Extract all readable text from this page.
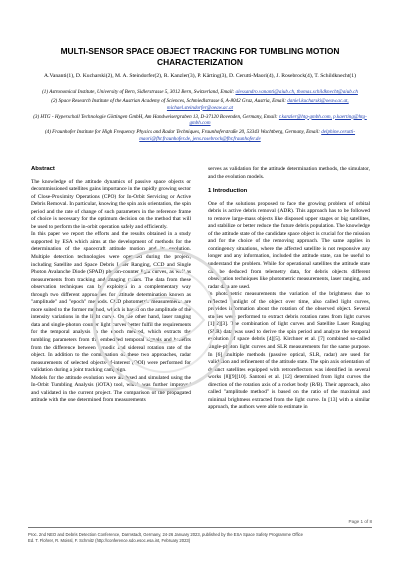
MULTI-SENSOR SPACE OBJECT TRACKING FOR TUMBLING MOTION CHARACTERIZATION

A.Vananti(1), D. Kucharski(2), M. A. Steindorfer(2), R. Kanzler(3), P. Kärting(3), D. Cerutti-Maori(4), J. Rosebrock(4), T. Schildknecht(1)

(1) Astronomical Institute, University of Bern, Sidlerstrasse 5, 3012 Bern, Switzerland, Email: alessandro.vananti@aiub.ch, thomas.schildknecht@aiub.ch

(2) Space Research Institute of the Austrian Academy of Sciences, Schmiedlstrasse 6, A-8042 Graz, Austria, Email: daniel.kucharski@oeaw.ac.at, michael.steindorfer@oeaw.ac.at

(3) HTG - Hyperschall Technologie Göttingen GmbH, Am Handweisergraben 13, D-37120 Bovenden, Germany, Email: r.kanzler@htg-gmbh.com, p.kaerting@htg-gmbh.com

(4) Fraunhofer Institute for High Frequency Physics and Radar Techniques, Fraunhoferstraße 20, 53343 Wachtberg, Germany, Email: delphine.cerutti-maori@fhr.fraunhofer.de, jens.rosebrock@fhr.fraunhofer.de

Abstract

The knowledge of the attitude dynamics of passive space objects or decommissioned satellites gains importance in the rapidly growing sector of Close-Proximity Operations (CPO) for In-Orbit Servicing or Active Debris Removal. In particular, knowing the spin axis orientation, the spin period and the rate of change of such parameters in the reference frame of choice is necessary for the optimum decision on the method that will be used to perform the in-orbit operation safely and efficiently.

In this paper we report the efforts and the results obtained in a study supported by ESA which aims at the development of methods for the determination of the spacecraft attitude motion and its evolution. Multiple detection technologies were operated during the project, including Satellite and Space Debris Laser Ranging, CCD and Single Photon Avalanche Diode (SPAD) photon-counter light curves, as well as measurements from tracking and imaging radars. The data from these observation techniques can be exploited in a complementary way through two different approaches for attitude determination known as "amplitude" and "epoch" methods. CCD photometric measurements are more suited to the former method, which is based on the amplitude of the intensity variations in the light curve. On the other hand, laser ranging data and single-photon counter light curves better fulfil the requirements for the temporal analysis in the epoch method, which extracts the tumbling parameters from the embedded temporal signals and benefits from the difference between synodic and sidereal rotation rate of the object. In addition to the combination of these two approaches, radar measurements of selected objects-of-interest (OOI) were performed for validation during a joint tracking campaign.

Models for the attitude evolution were analysed and simulated using the In-Orbit Tumbling Analysis (iOTA) tool, which was further improved and validated in the current project. The comparison of the propagated attitude with the one determined from measurements

serves as validation for the attitude determination methods, the simulator, and the evolution models.

1 Introduction

One of the solutions proposed to face the growing problem of orbital debris is active debris removal (ADR). This approach has to be followed to remove large-mass objects like disposed upper stages or big satellites, and stabilize or better reduce the future debris population. The knowledge of the attitude state of the candidate space object is crucial for the mission and for the choice of the removing approach. The same applies in contingency situations, where the affected satellite is not responsive any longer and any information, included the attitude state, can be useful to understand the problem. While for operational satellites the attitude state can be deduced from telemetry data, for debris objects different observation techniques like photometric measurements, laser ranging, and radar data are used.

In photometric measurements the variation of the brightness due to reflected sunlight of the object over time, also called light curves, provides information about the rotation of the observed object. Several studies were performed to extract debris rotation rates from light curves [1][2][3]. The combination of light curves and Satellite Laser Ranging (SLR) data was used to derive the spin period and analyze the temporal evolution of space debris [4][5]. Kirchner et al. [7] combined so-called single-photon light curves and SLR measurements for the same purpose. In [6] multiple methods (passive optical, SLR, radar) are used for validation and refinement of the attitude state. The spin axis orientation of defunct satellites equipped with retroreflectors was identified in several works [8][9][10]. Santoni et al. [12] determined from light curves the direction of the rotation axis of a rocket body (R/B). Their approach, also called "amplitude method" is based on the ratio of the maximal and minimal brightness extracted from the light curve. In [13] with a similar approach, the authors were able to estimate in

Page 1 of 8
Proc. 2nd NEO and Debris Detection Conference, Darmstadt, Germany, 24-26 January 2023, published by the ESA Space Safety Programme Office
Ed. T. Flohrer, R. Moissl, F. Schmitz (http://conference.sdo.esoc.esa.int, February 2023)
